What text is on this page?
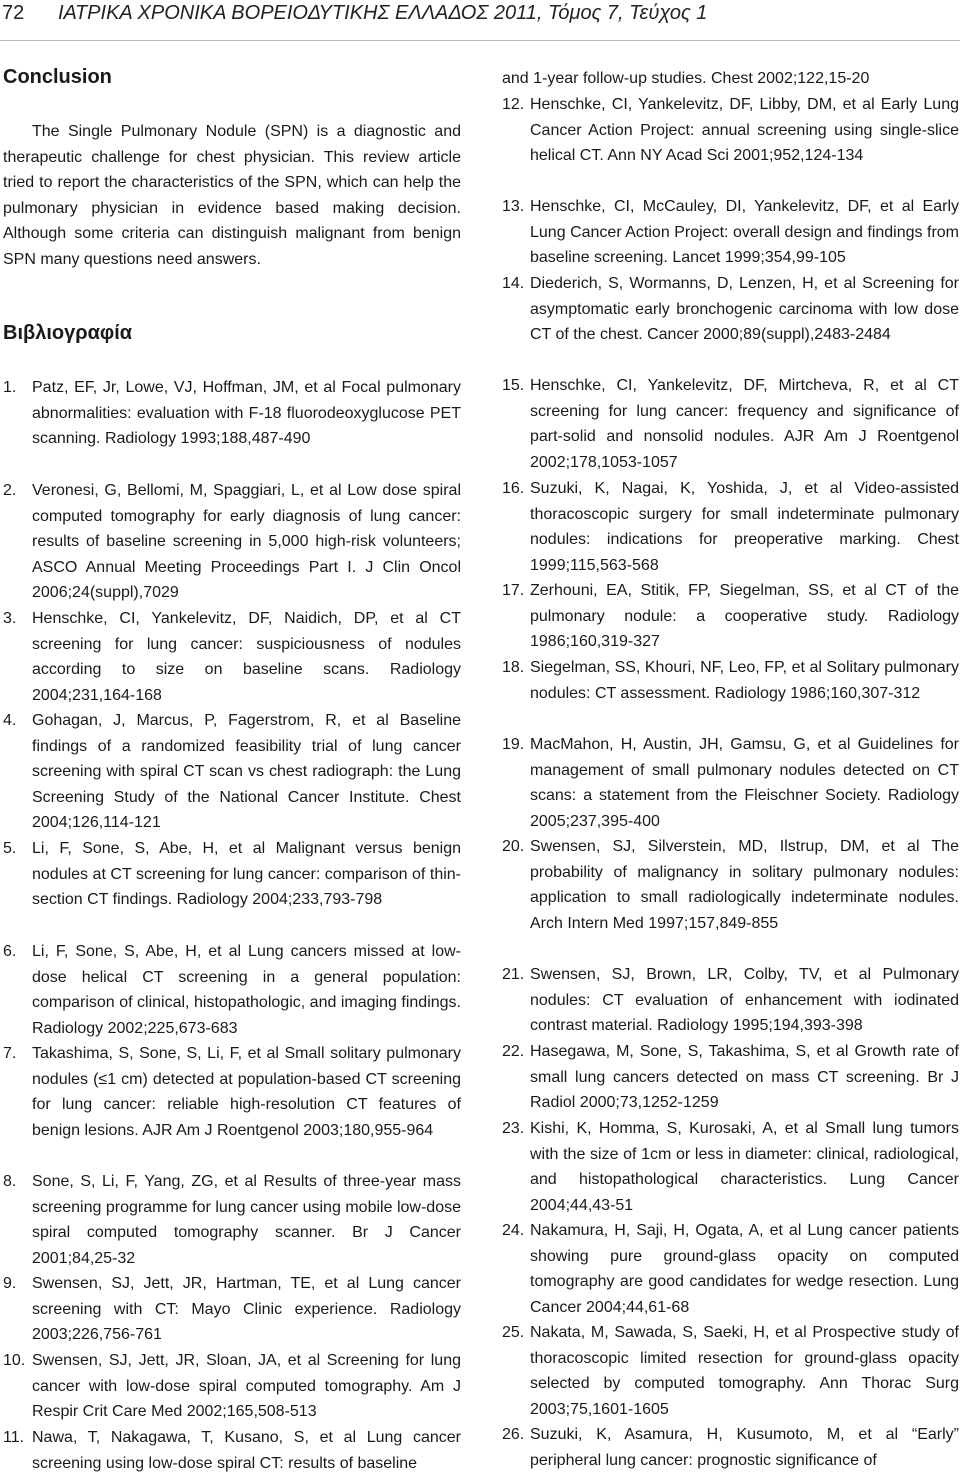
72 ΙΑΤΡΙΚΑ ΧΡΟΝΙΚΑ ΒΟΡΕΙΟΔΥΤΙΚΗΣ ΕΛΛΑΔΟΣ 2011, Τόμος 7, Τεύχος 1
Conclusion
The Single Pulmonary Nodule (SPN) is a diagnostic and therapeutic challenge for chest physician. This review article tried to report the characteristics of the SPN, which can help the pulmonary physician in evidence based making decision. Although some criteria can distinguish malignant from benign SPN many questions need answers.
Βιβλιογραφία
1. Patz, EF, Jr, Lowe, VJ, Hoffman, JM, et al Focal pulmonary abnormalities: evaluation with F-18 fluorodeoxyglucose PET scanning. Radiology 1993;188,487-490
2. Veronesi, G, Bellomi, M, Spaggiari, L, et al Low dose spiral computed tomography for early diagnosis of lung cancer: results of baseline screening in 5,000 high-risk volunteers; ASCO Annual Meeting Proceedings Part I. J Clin Oncol 2006;24(suppl),7029
3. Henschke, CI, Yankelevitz, DF, Naidich, DP, et al CT screening for lung cancer: suspiciousness of nodules according to size on baseline scans. Radiology 2004;231,164-168
4. Gohagan, J, Marcus, P, Fagerstrom, R, et al Baseline findings of a randomized feasibility trial of lung cancer screening with spiral CT scan vs chest radiograph: the Lung Screening Study of the National Cancer Institute. Chest 2004;126,114-121
5. Li, F, Sone, S, Abe, H, et al Malignant versus benign nodules at CT screening for lung cancer: comparison of thin-section CT findings. Radiology 2004;233,793-798
6. Li, F, Sone, S, Abe, H, et al Lung cancers missed at low-dose helical CT screening in a general population: comparison of clinical, histopathologic, and imaging findings. Radiology 2002;225,673-683
7. Takashima, S, Sone, S, Li, F, et al Small solitary pulmonary nodules (≤1 cm) detected at population-based CT screening for lung cancer: reliable high-resolution CT features of benign lesions. AJR Am J Roentgenol 2003;180,955-964
8. Sone, S, Li, F, Yang, ZG, et al Results of three-year mass screening programme for lung cancer using mobile low-dose spiral computed tomography scanner. Br J Cancer 2001;84,25-32
9. Swensen, SJ, Jett, JR, Hartman, TE, et al Lung cancer screening with CT: Mayo Clinic experience. Radiology 2003;226,756-761
10. Swensen, SJ, Jett, JR, Sloan, JA, et al Screening for lung cancer with low-dose spiral computed tomography. Am J Respir Crit Care Med 2002;165,508-513
11. Nawa, T, Nakagawa, T, Kusano, S, et al Lung cancer screening using low-dose spiral CT: results of baseline
and 1-year follow-up studies. Chest 2002;122,15-20
12. Henschke, CI, Yankelevitz, DF, Libby, DM, et al Early Lung Cancer Action Project: annual screening using single-slice helical CT. Ann NY Acad Sci 2001;952,124-134
13. Henschke, CI, McCauley, DI, Yankelevitz, DF, et al Early Lung Cancer Action Project: overall design and findings from baseline screening. Lancet 1999;354,99-105
14. Diederich, S, Wormanns, D, Lenzen, H, et al Screening for asymptomatic early bronchogenic carcinoma with low dose CT of the chest. Cancer 2000;89(suppl),2483-2484
15. Henschke, CI, Yankelevitz, DF, Mirtcheva, R, et al CT screening for lung cancer: frequency and significance of part-solid and nonsolid nodules. AJR Am J Roentgenol 2002;178,1053-1057
16. Suzuki, K, Nagai, K, Yoshida, J, et al Video-assisted thoracoscopic surgery for small indeterminate pulmonary nodules: indications for preoperative marking. Chest 1999;115,563-568
17. Zerhouni, EA, Stitik, FP, Siegelman, SS, et al CT of the pulmonary nodule: a cooperative study. Radiology 1986;160,319-327
18. Siegelman, SS, Khouri, NF, Leo, FP, et al Solitary pulmonary nodules: CT assessment. Radiology 1986;160,307-312
19. MacMahon, H, Austin, JH, Gamsu, G, et al Guidelines for management of small pulmonary nodules detected on CT scans: a statement from the Fleischner Society. Radiology 2005;237,395-400
20. Swensen, SJ, Silverstein, MD, Ilstrup, DM, et al The probability of malignancy in solitary pulmonary nodules: application to small radiologically indeterminate nodules. Arch Intern Med 1997;157,849-855
21. Swensen, SJ, Brown, LR, Colby, TV, et al Pulmonary nodules: CT evaluation of enhancement with iodinated contrast material. Radiology 1995;194,393-398
22. Hasegawa, M, Sone, S, Takashima, S, et al Growth rate of small lung cancers detected on mass CT screening. Br J Radiol 2000;73,1252-1259
23. Kishi, K, Homma, S, Kurosaki, A, et al Small lung tumors with the size of 1cm or less in diameter: clinical, radiological, and histopathological characteristics. Lung Cancer 2004;44,43-51
24. Nakamura, H, Saji, H, Ogata, A, et al Lung cancer patients showing pure ground-glass opacity on computed tomography are good candidates for wedge resection. Lung Cancer 2004;44,61-68
25. Nakata, M, Sawada, S, Saeki, H, et al Prospective study of thoracoscopic limited resection for ground-glass opacity selected by computed tomography. Ann Thorac Surg 2003;75,1601-1605
26. Suzuki, K, Asamura, H, Kusumoto, M, et al “Early” peripheral lung cancer: prognostic significance of
